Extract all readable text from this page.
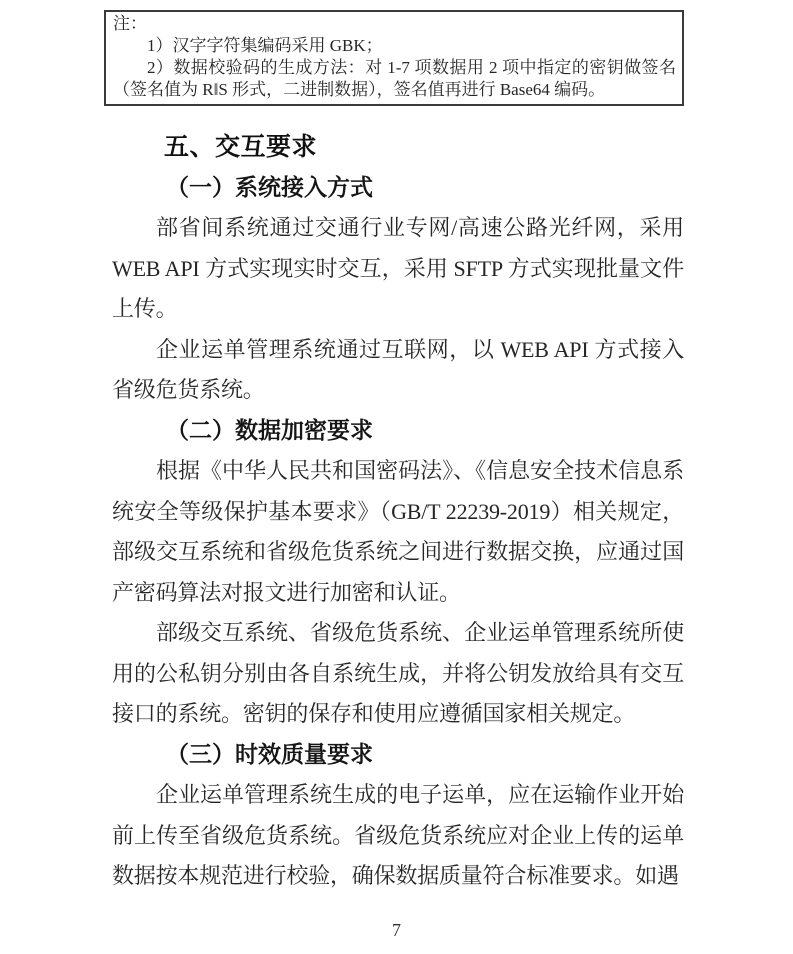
注：

1）汉字字符集编码采用 GBK；

2）数据校验码的生成方法：对 1-7 项数据用 2 项中指定的密钥做签名（签名值为 R‖S 形式，二进制数据），签名值再进行 Base64 编码。

五、交互要求
（一）系统接入方式

部省间系统通过交通行业专网/高速公路光纤网，采用 WEB API 方式实现实时交互，采用 SFTP 方式实现批量文件上传。

企业运单管理系统通过互联网，以 WEB API 方式接入省级危货系统。

（二）数据加密要求

根据《中华人民共和国密码法》、《信息安全技术信息系统安全等级保护基本要求》（GB/T 22239-2019）相关规定，部级交互系统和省级危货系统之间进行数据交换，应通过国产密码算法对报文进行加密和认证。

部级交互系统、省级危货系统、企业运单管理系统所使用的公私钥分别由各自系统生成，并将公钥发放给具有交互接口的系统。密钥的保存和使用应遵循国家相关规定。

（三）时效质量要求

企业运单管理系统生成的电子运单，应在运输作业开始前上传至省级危货系统。省级危货系统应对企业上传的运单数据按本规范进行校验，确保数据质量符合标准要求。如遇

7
